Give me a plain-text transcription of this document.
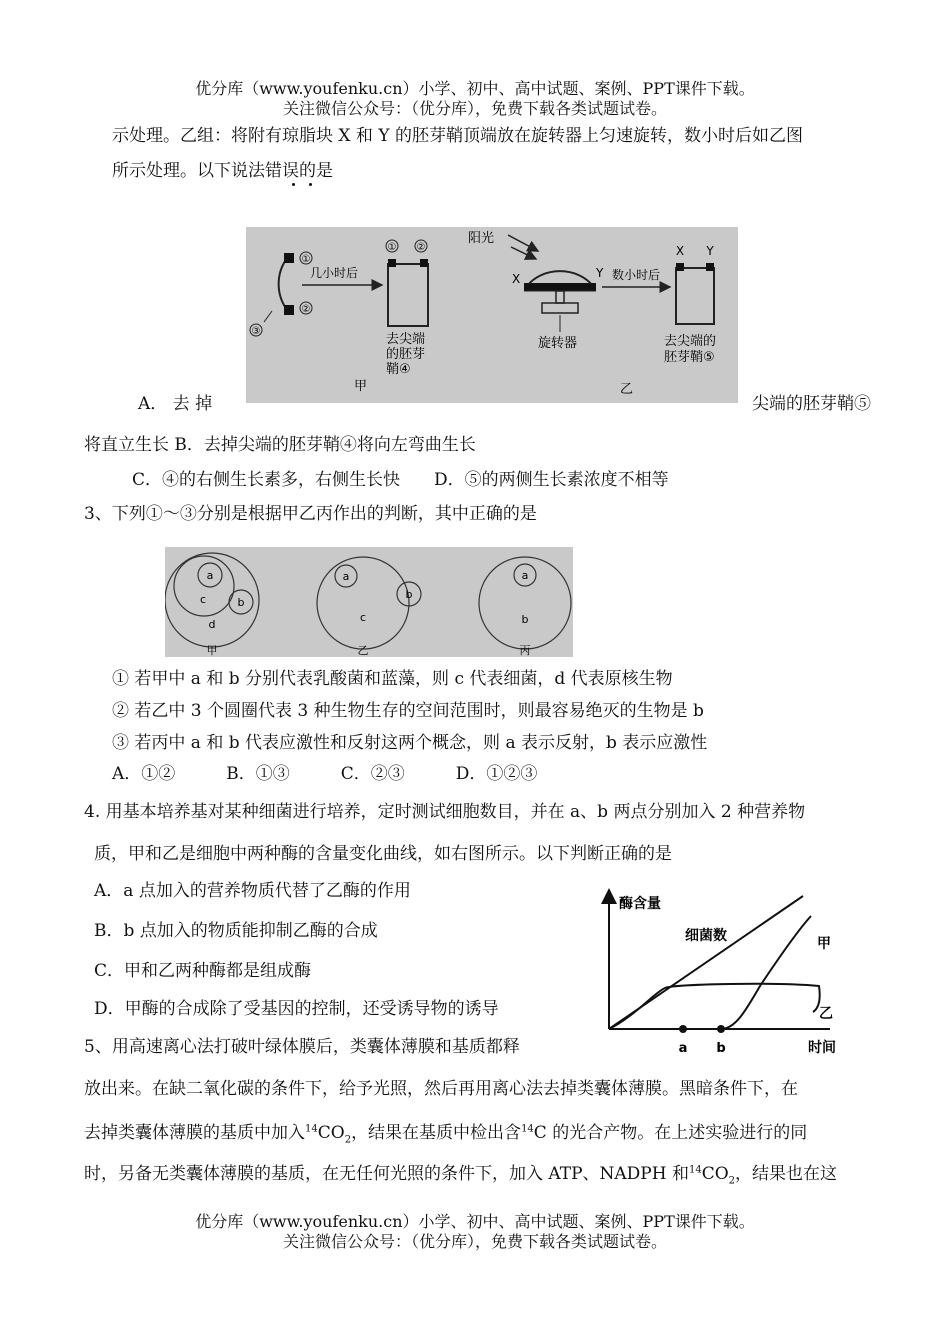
优分库（www.youfenku.cn）小学、初中、高中试题、案例、PPT课件下载。
关注微信公众号：（优分库），免费下载各类试题试卷。
示处理。乙组：将附有琼脂块 X 和 Y 的胚芽鞘顶端放在旋转器上匀速旋转，数小时后如乙图
所示处理。以下说法错误的是
①
②
③
几小时后
① ②
去尖端
的胚芽
鞘④
甲
阳光
X	Y
旋转器
数小时后
X Y
去尖端的
胚芽鞘⑤
乙
A． 去 掉	尖端的胚芽鞘⑤
将直立生长 B．去掉尖端的胚芽鞘④将向左弯曲生长
C．④的右侧生长素多，右侧生长快　　D．⑤的两侧生长素浓度不相等
3、下列①～③分别是根据甲乙丙作出的判断，其中正确的是
a
c	b
d
甲
a
b
c
乙
a
b
丙
① 若甲中 a 和 b 分别代表乳酸菌和蓝藻，则 c 代表细菌，d 代表原核生物
② 若乙中 3 个圆圈代表 3 种生物生存的空间范围时，则最容易绝灭的生物是 b
③ 若丙中 a 和 b 代表应激性和反射这两个概念，则 a 表示反射，b 表示应激性
A．①②　　　B．①③　　　C．②③　　　D．①②③
4. 用基本培养基对某种细菌进行培养，定时测试细胞数目，并在 a、b 两点分别加入 2 种营养物
质，甲和乙是细胞中两种酶的含量变化曲线，如右图所示。以下判断正确的是
A．a 点加入的营养物质代替了乙酶的作用
B．b 点加入的物质能抑制乙酶的合成
C．甲和乙两种酶都是组成酶
D．甲酶的合成除了受基因的控制，还受诱导物的诱导
酶含量
时间
a b
细菌数	甲
乙
5、用高速离心法打破叶绿体膜后，类囊体薄膜和基质都释
放出来。在缺二氧化碳的条件下，给予光照，然后再用离心法去掉类囊体薄膜。黑暗条件下，在
去掉类囊体薄膜的基质中加入$^{14}CO_2$，结果在基质中检出含$^{14}$C 的光合产物。在上述实验进行的同
时，另备无类囊体薄膜的基质，在无任何光照的条件下，加入 ATP、NADPH 和$^{14}CO_2$，结果也在这
优分库（www.youfenku.cn）小学、初中、高中试题、案例、PPT课件下载。
关注微信公众号：（优分库），免费下载各类试题试卷。
